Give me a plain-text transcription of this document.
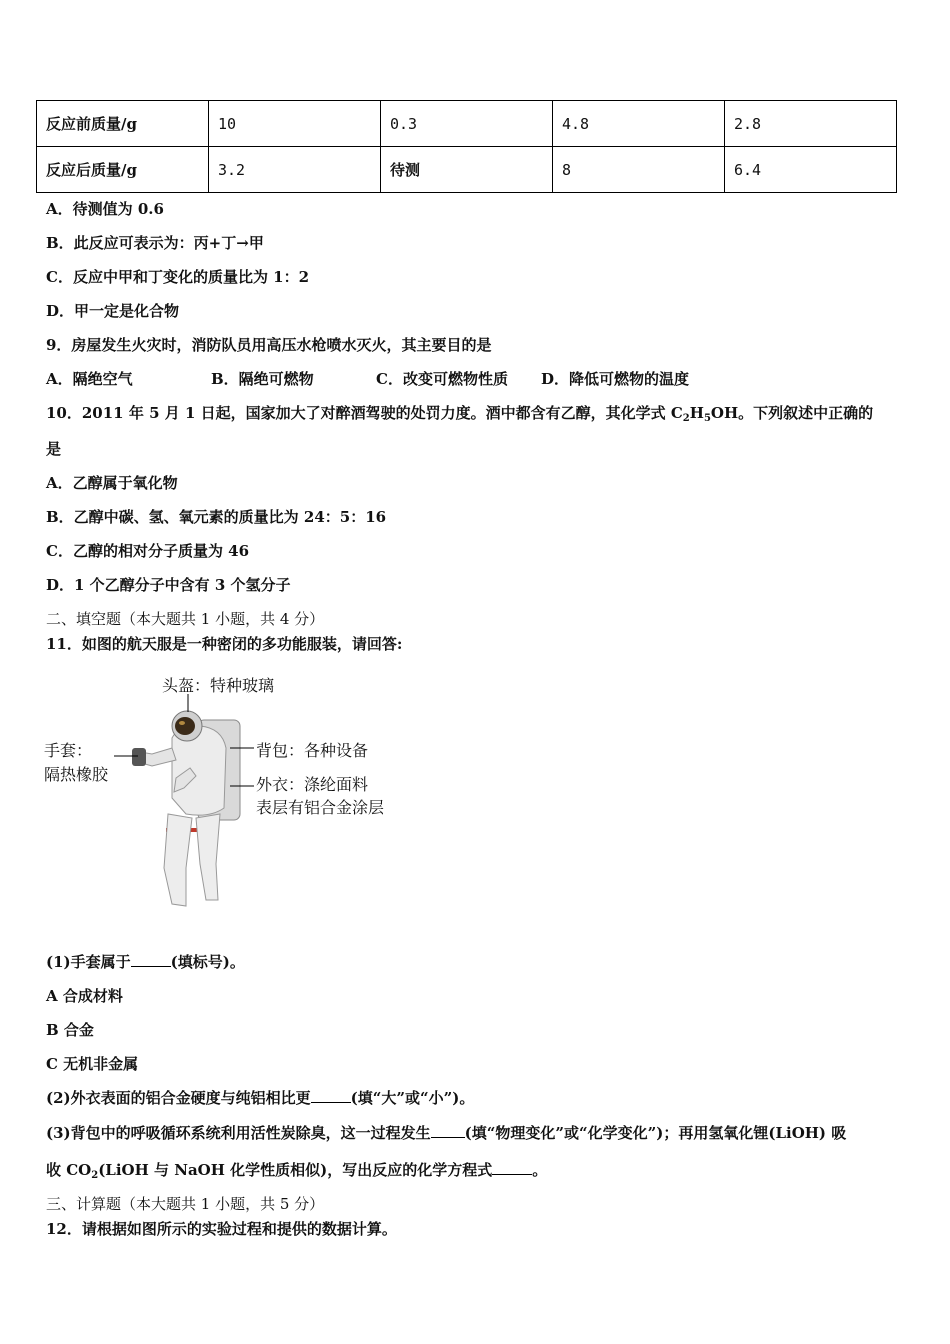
反应前质量/g	10	0.3	4.8	2.8
反应后质量/g	3.2	待测	8	6.4
A．待测值为 0.6
B．此反应可表示为：丙+丁→甲
C．反应中甲和丁变化的质量比为 1：2
D．甲一定是化合物
9．房屋发生火灾时，消防队员用高压水枪喷水灭火，其主要目的是
A．隔绝空气	B．隔绝可燃物	C．改变可燃物性质 D．降低可燃物的温度
10．2011 年 5 月 1 日起，国家加大了对醉酒驾驶的处罚力度。酒中都含有乙醇，其化学式 $C_2H_5OH$。下列叙述中正确的
是
A．乙醇属于氧化物
B．乙醇中碳、氢、氧元素的质量比为 24：5：16
C．乙醇的相对分子质量为 46
D．1 个乙醇分子中含有 3 个氢分子
二、填空题（本大题共 1 小题，共 4 分）
11．如图的航天服是一种密闭的多功能服装，请回答:
头盔：特种玻璃
手套：
隔热橡胶
背包：各种设备
外衣：涤纶面料
表层有铝合金涂层
(1)手套属于	(填标号)。
A 合成材料
B 合金
C 无机非金属
(2)外衣表面的铝合金硬度与纯铝相比更	(填“大”或“小”)。
(3)背包中的呼吸循环系统利用活性炭除臭，这一过程发生 (填“物理变化”或“化学变化”)；再用氢氧化锂(LiOH) 吸
收 $CO_2(LiOH$ 与 NaOH 化学性质相似)，写出反应的化学方程式	。
三、计算题（本大题共 1 小题，共 5 分）
12．请根据如图所示的实验过程和提供的数据计算。
